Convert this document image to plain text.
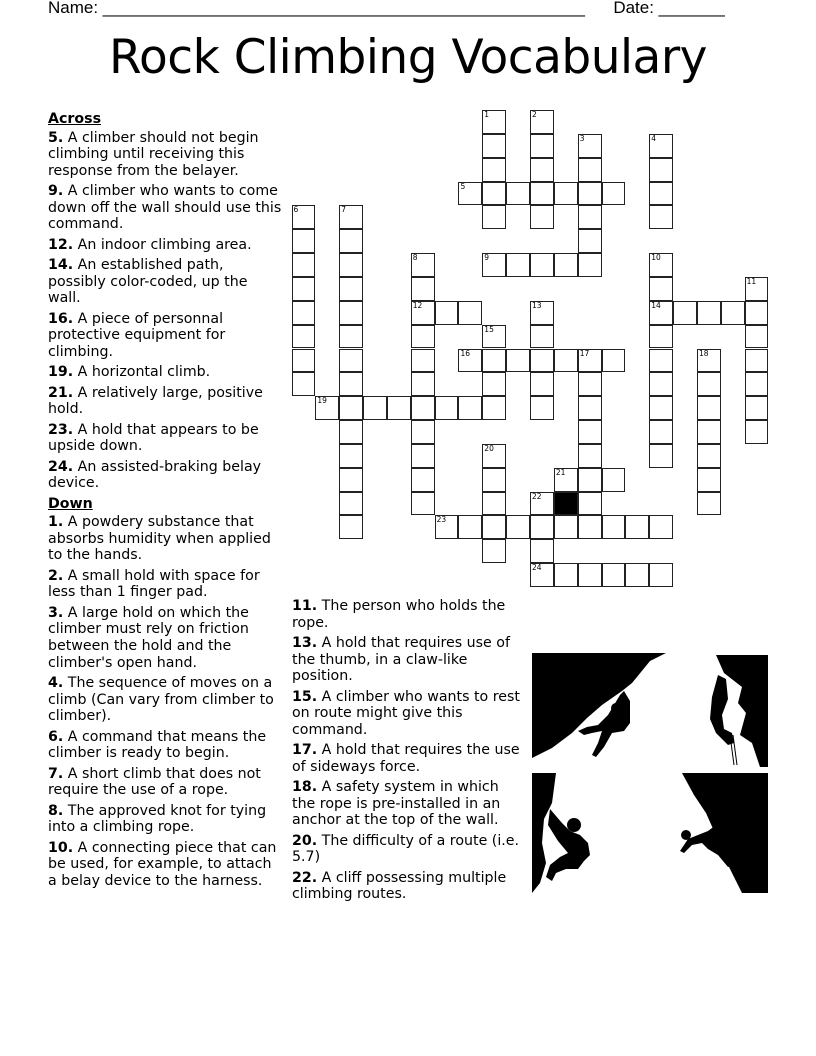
Name: ___________________________________________________ Date: _______
Rock Climbing Vocabulary
Across
5. A climber should not begin climbing until receiving this response from the belayer.
9. A climber who wants to come down off the wall should use this command.
12. An indoor climbing area.
14. An established path, possibly color-coded, up the wall.
16. A piece of personnal protective equipment for climbing.
19. A horizontal climb.
21. A relatively large, positive hold.
23. A hold that appears to be upside down.
24. An assisted-braking belay device.
Down
1. A powdery substance that absorbs humidity when applied to the hands.
2. A small hold with space for less than 1 finger pad.
3. A large hold on which the climber must rely on friction between the hold and the climber's open hand.
4. The sequence of moves on a climb (Can vary from climber to climber).
6. A command that means the climber is ready to begin.
7. A short climb that does not require the use of a rope.
8. The approved knot for tying into a climbing rope.
10. A connecting piece that can be used, for example, to attach a belay device to the harness.
11. The person who holds the rope.
13. A hold that requires use of the thumb, in a claw-like position.
15. A climber who wants to rest on route might give this command.
17. A hold that requires the use of sideways force.
18. A safety system in which the rope is pre-installed in an anchor at the top of the wall.
20. The difficulty of a route (i.e. 5.7)
22. A cliff possessing multiple climbing routes.
1	2
3	4
5
6	7
8
12
9	10
14
11
13
15
16	17	18
19
20
21
22
24
23
